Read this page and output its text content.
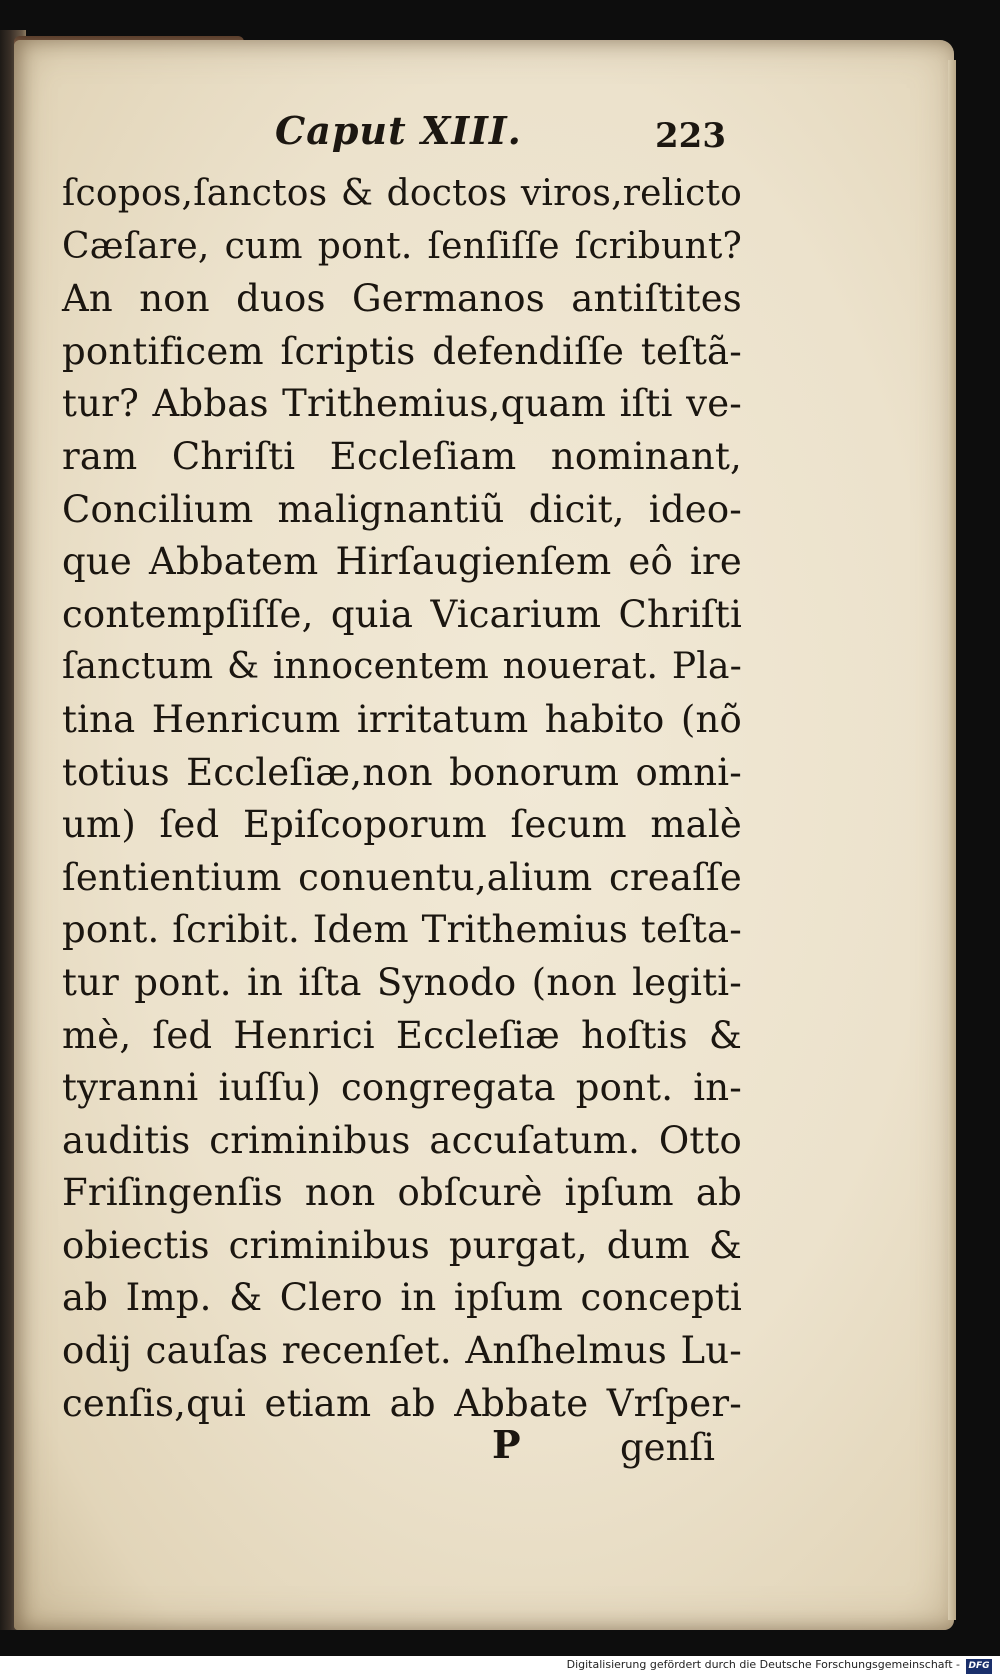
Caput XIII.	223
ſcopos,ſanctos & doctos viros,relicto
Cæſare, cum pont. ſenſiſſe ſcribunt?
An non duos Germanos antiſtites
pontificem ſcriptis defendiſſe teſtã-
tur? Abbas Trithemius,quam iſti ve-
ram Chriſti Eccleſiam nominant,
Concilium malignantiũ dicit, ideo-
que Abbatem Hirſaugienſem eô ire
contempſiſſe, quia Vicarium Chriſti
ſanctum & innocentem nouerat. Pla-
tina Henricum irritatum habito (nõ
totius Eccleſiæ,non bonorum omni-
um) ſed Epiſcoporum ſecum malè
ſentientium conuentu,alium creaſſe
pont. ſcribit. Idem Trithemius teſta-
tur pont. in iſta Synodo (non legiti-
mè, ſed Henrici Eccleſiæ hoſtis &
tyranni iuſſu) congregata pont. in-
auditis criminibus accuſatum. Otto
Friſingenſis non obſcurè ipſum ab
obiectis criminibus purgat, dum &
ab Imp. & Clero in ipſum concepti
odij cauſas recenſet. Anſhelmus Lu-
cenſis,qui etiam ab Abbate Vrſper-
P	genſi
Digitalisierung gefördert durch die Deutsche Forschungsgemeinschaft - DFG
